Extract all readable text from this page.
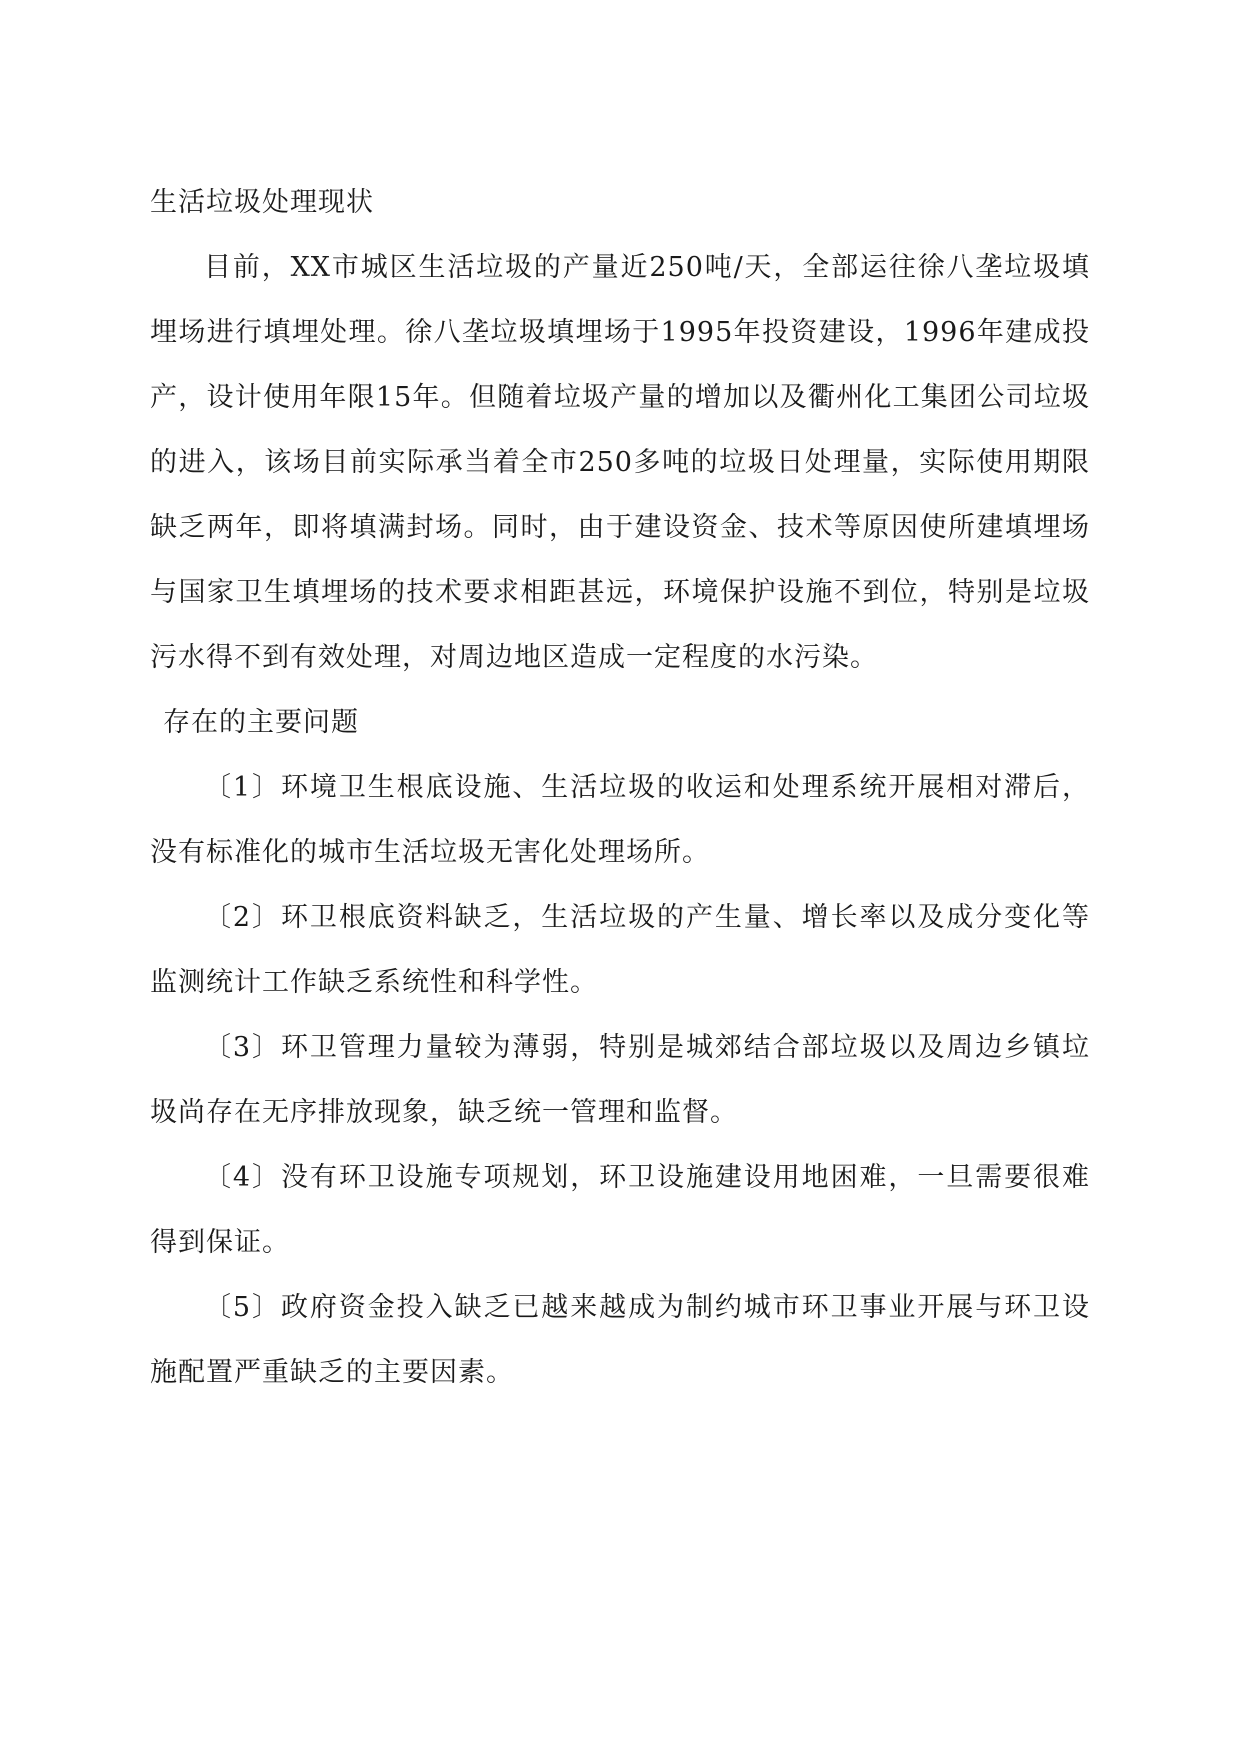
生活垃圾处理现状

目前，XX市城区生活垃圾的产量近250吨/天，全部运往徐八垄垃圾填埋场进行填埋处理。徐八垄垃圾填埋场于1995年投资建设，1996年建成投产，设计使用年限15年。但随着垃圾产量的增加以及衢州化工集团公司垃圾的进入，该场目前实际承当着全市250多吨的垃圾日处理量，实际使用期限缺乏两年，即将填满封场。同时，由于建设资金、技术等原因使所建填埋场与国家卫生填埋场的技术要求相距甚远，环境保护设施不到位，特别是垃圾污水得不到有效处理，对周边地区造成一定程度的水污染。

存在的主要问题

〔1〕环境卫生根底设施、生活垃圾的收运和处理系统开展相对滞后，没有标准化的城市生活垃圾无害化处理场所。

〔2〕环卫根底资料缺乏，生活垃圾的产生量、增长率以及成分变化等监测统计工作缺乏系统性和科学性。

〔3〕环卫管理力量较为薄弱，特别是城郊结合部垃圾以及周边乡镇垃圾尚存在无序排放现象，缺乏统一管理和监督。

〔4〕没有环卫设施专项规划，环卫设施建设用地困难，一旦需要很难得到保证。

〔5〕政府资金投入缺乏已越来越成为制约城市环卫事业开展与环卫设施配置严重缺乏的主要因素。
